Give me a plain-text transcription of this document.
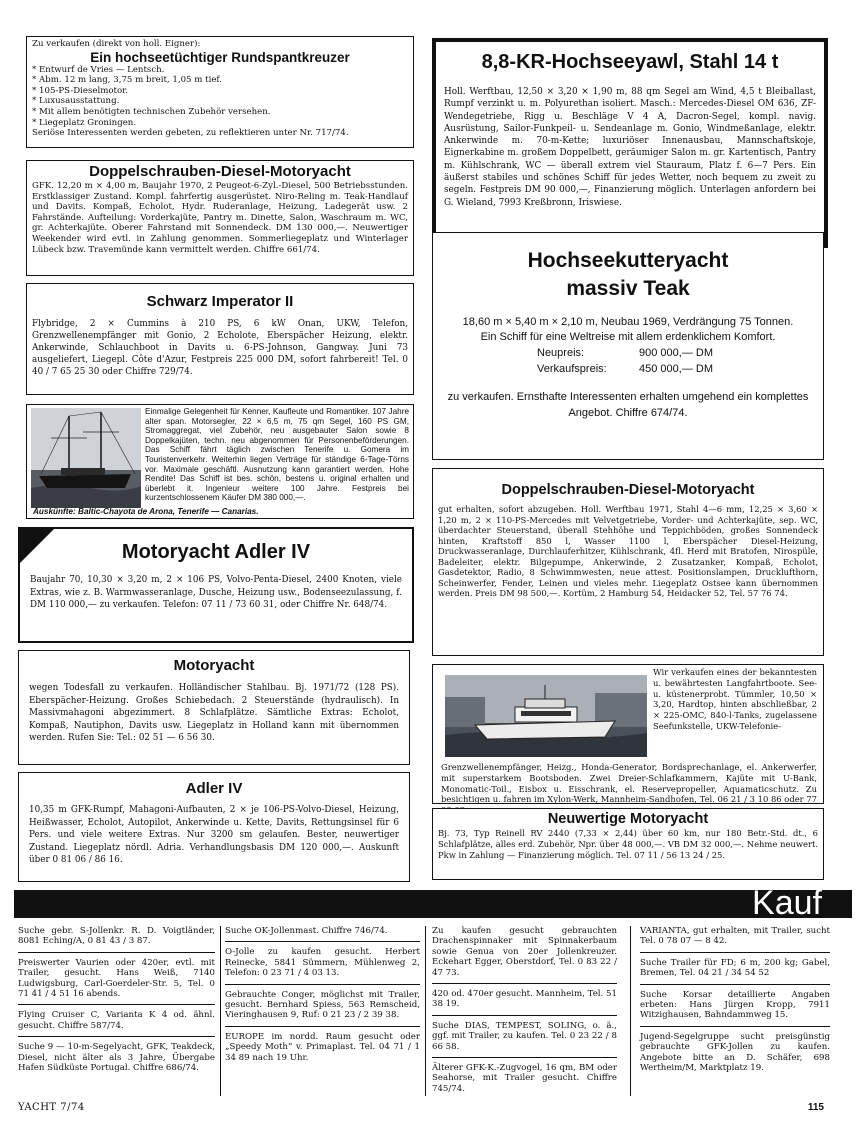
Zu verkaufen (direkt von holl. Eigner):
Ein hochseetüchtiger Rundspantkreuzer
* Entwurf de Vries — Lentsch.
* Abm. 12 m lang, 3,75 m breit, 1,05 m tief.
* 105-PS-Dieselmotor.
* Luxusausstattung.
* Mit allem benötigten technischen Zubehör versehen.
* Liegeplatz Groningen.
Seriöse Interessenten werden gebeten, zu reflektieren unter Nr. 717/74.
Doppelschrauben-Diesel-Motoryacht
GFK. 12,20 m × 4,00 m, Baujahr 1970, 2 Peugeot-6-Zyl.-Diesel, 500 Betriebsstunden. Erstklassiger Zustand. Kompl. fahrfertig ausgerüstet. Niro-Reling m. Teak-Handlauf und Davits. Kompaß, Echolot, Hydr. Ruderanlage, Heizung, Ladegerät usw. 2 Fahrstände. Aufteilung: Vorderkajüte, Pantry m. Dinette, Salon, Waschraum m. WC, gr. Achterkajüte. Oberer Fahrstand mit Sonnendeck. DM 130 000,—. Neuwertiger Weekender wird evtl. in Zahlung genommen. Sommerliegeplatz und Winterlager Lübeck bzw. Travemünde kann vermittelt werden. Chiffre 661/74.
Schwarz Imperator II
Flybridge, 2 × Cummins à 210 PS, 6 kW Onan, UKW, Telefon, Grenzwellenempfänger mit Gonio, 2 Echolote, Eberspächer Heizung, elektr. Ankerwinde, Schlauchboot in Davits u. 6-PS-Johnson, Gangway. Juni 73 ausgeliefert, Liegepl. Côte d'Azur, Festpreis 225 000 DM, sofort fahrbereit! Tel. 0 40 / 7 65 25 30 oder Chiffre 729/74.
Einmalige Gelegenheit für Kenner, Kaufleute und Romantiker. 107 Jahre alter span. Motorsegler, 22 × 6,5 m, 75 qm Segel, 160 PS GM, Stromaggregat, viel Zubehör, neu ausgebauter Salon sowie 8 Doppelkajüten, techn. neu abgenommen für Personenbeförderungen. Das Schiff fährt täglich zwischen Tenerife u. Gomera im Touristenverkehr. Weiterhin liegen Verträge für ständige 6-Tage-Törns vor. Maximale geschäftl. Ausnutzung kann garantiert werden. Hohe Rendite! Das Schiff ist bes. schön, bestens u. original erhalten und überlebt it. Ingenieur weitere 100 Jahre. Festpreis bei kurzentschlossenem Käufer DM 380 000,—.
Auskünfte: Baltic-Chayota de Arona, Tenerife — Canarias.
Motoryacht Adler IV
Baujahr 70, 10,30 × 3,20 m, 2 × 106 PS, Volvo-Penta-Diesel, 2400 Knoten, viele Extras, wie z. B. Warmwasseranlage, Dusche, Heizung usw., Bodenseezulassung, f. DM 110 000,— zu verkaufen. Telefon: 07 11 / 73 60 31, oder Chiffre Nr. 648/74.
Motoryacht
wegen Todesfall zu verkaufen. Holländischer Stahlbau. Bj. 1971/72 (128 PS). Eberspächer-Heizung. Großes Schiebedach. 2 Steuerstände (hydraulisch). In Massivmahagoni abgezimmert. 8 Schlafplätze. Sämtliche Extras: Echolot, Kompaß, Nautiphon, Davits usw. Liegeplatz in Holland kann mit übernommen werden. Rufen Sie: Tel.: 02 51 — 6 56 30.
Adler IV
10,35 m GFK-Rumpf, Mahagoni-Aufbauten, 2 × je 106-PS-Volvo-Diesel, Heizung, Heißwasser, Echolot, Autopilot, Ankerwinde u. Kette, Davits, Rettungsinsel für 6 Pers. und viele weitere Extras. Nur 3200 sm gelaufen. Bester, neuwertiger Zustand. Liegeplatz nördl. Adria. Verhandlungsbasis DM 120 000,—. Auskunft über 0 81 06 / 86 16.
8,8-KR-Hochseeyawl, Stahl 14 t
Holl. Werftbau, 12,50 × 3,20 × 1,90 m, 88 qm Segel am Wind, 4,5 t Bleiballast, Rumpf verzinkt u. m. Polyurethan isoliert. Masch.: Mercedes-Diesel OM 636, ZF-Wendegetriebe, Rigg u. Beschläge V 4 A, Dacron-Segel, kompl. navig. Ausrüstung, Sailor-Funkpeil- u. Sendeanlage m. Gonio, Windmeßanlage, elektr. Ankerwinde m. 70-m-Kette; luxuriöser Innenausbau, Mannschaftskoje, Eignerkabine m. großem Doppelbett, geräumiger Salon m. gr. Kartentisch, Pantry m. Kühlschrank, WC — überall extrem viel Stauraum, Platz f. 6—7 Pers. Ein äußerst stabiles und schönes Schiff für jedes Wetter, noch bequem zu zweit zu segeln. Festpreis DM 90 000,—, Finanzierung möglich. Unterlagen anfordern bei G. Wieland, 7993 Kreßbronn, Iriswiese.
Hochseekutteryacht
massiv Teak
18,60 m × 5,40 m × 2,10 m, Neubau 1969, Verdrängung 75 Tonnen.
Ein Schiff für eine Weltreise mit allem erdenklichem Komfort.
Neupreis:	900 000,— DM
Verkaufspreis:	450 000,— DM
zu verkaufen. Ernsthafte Interessenten erhalten umgehend ein komplettes Angebot. Chiffre 674/74.
Doppelschrauben-Diesel-Motoryacht
gut erhalten, sofort abzugeben. Holl. Werftbau 1971, Stahl 4—6 mm, 12,25 × 3,60 × 1,20 m, 2 × 110-PS-Mercedes mit Velvetgetriebe, Vorder- und Achterkajüte, sep. WC, überdachter Steuerstand, überall Stehhöhe und Teppichböden, großes Sonnendeck hinten, Kraftstoff 850 l, Wasser 1100 l, Eberspächer Diesel-Heizung, Druckwasseranlage, Durchlauferhitzer, Kühlschrank, 4fl. Herd mit Bratofen, Nirospüle, Badeleiter, elektr. Bilgepumpe, Ankerwinde, 2 Zusatzanker, Kompaß, Echolot, Gasdetektor, Radio, 8 Schwimmwesten, neue attest. Positionslampen, Drucklufthorn, Scheinwerfer, Fender, Leinen und vieles mehr. Liegeplatz Ostsee kann übernommen werden. Preis DM 98 500,—. Kortüm, 2 Hamburg 54, Heidacker 52, Tel. 57 76 74.
Wir verkaufen eines der bekanntesten u. bewährtesten Langfahrtboote. See- u. küstenerprobt. Tümmler, 10,50 × 3,20, Hardtop, hinten abschließbar, 2 × 225-OMC, 840-l-Tanks, zugelassene Seefunkstelle, UKW-Telefonie-
Grenzwellenempfänger, Heizg., Honda-Generator, Bordsprechanlage, el. Ankerwerfer, mit superstarkem Bootsboden. Zwei Dreier-Schlafkammern, Kajüte mit U-Bank, Monomatic-Toil., Eisbox u. Eisschrank, el. Reservepropeller, Aquamaticschutz. Zu besichtigen u. fahren im Xylon-Werk, Mannheim-Sandhofen, Tel. 06 21 / 3 10 86 oder 77
Neuwertige Motoryacht
Bj. 73, Typ Reinell RV 2440 (7,33 × 2,44) über 60 km, nur 180 Betr.-Std. dt., 6 Schlafplätze, alles erd. Zubehör, Npr. über 48 000,—. VB DM 32 000,—. Nehme neuwert. Pkw in Zahlung — Finanzierung möglich. Tel. 07 11 / 56 13 24 / 25.
Kauf
Suche gebr. S-Jollenkr. R. D. Voigtländer, 8081 Eching/A, 0 81 43 / 3 87.
Preiswerter Vaurien oder 420er, evtl. mit Trailer, gesucht. Hans Weiß, 7140 Ludwigsburg, Carl-Goerdeler-Str. 5, Tel. 0 71 41 / 4 51 16 abends.
Flying Cruiser C, Varianta K 4 od. ähnl. gesucht. Chiffre 587/74.
Suche 9 — 10-m-Segelyacht, GFK, Teakdeck, Diesel, nicht älter als 3 Jahre, Übergabe Hafen Südküste Portugal. Chiffre 686/74.
Suche OK-Jollenmast. Chiffre 746/74.
O-Jolle zu kaufen gesucht. Herbert Reinecke, 5841 Sümmern, Mühlenweg 2, Telefon: 0 23 71 / 4 03 13.
Gebrauchte Conger, möglichst mit Trailer, gesucht. Bernhard Spiess, 563 Remscheid, Vieringhausen 9, Ruf: 0 21 23 / 2 39 38.
EUROPE im nordd. Raum gesucht oder „Speedy Moth“ v. Primaplast. Tel. 04 71 / 1 34 89 nach 19 Uhr.
Zu kaufen gesucht gebrauchten Drachenspinnaker mit Spinnakerbaum sowie Genua von 20er Jollenkreuzer. Eckehart Egger, Oberstdorf, Tel. 0 83 22 / 47 73.
420 od. 470er gesucht. Mannheim, Tel. 51 38 19.
Suche DIAS, TEMPEST, SOLING, o. ä., ggf. mit Trailer, zu kaufen. Tel. 0 23 22 / 8 66 58.
Älterer GFK-K.-Zugvogel, 16 qm, BM oder Seahorse, mit Trailer gesucht. Chiffre 745/74.
VARIANTA, gut erhalten, mit Trailer, sucht Tel. 0 78 07 — 8 42.
Suche Trailer für FD; 6 m, 200 kg; Gabel, Bremen, Tel. 04 21 / 34 54 52
Suche Korsar detaillierte Angaben erbeten: Hans Jürgen Kropp, 7911 Witzighausen, Bahndammweg 15.
Jugend-Segelgruppe sucht preisgünstig gebrauchte GFK-Jollen zu kaufen. Angebote bitte an D. Schäfer, 698 Wertheim/M, Marktplatz 19.
YACHT 7/74	115
